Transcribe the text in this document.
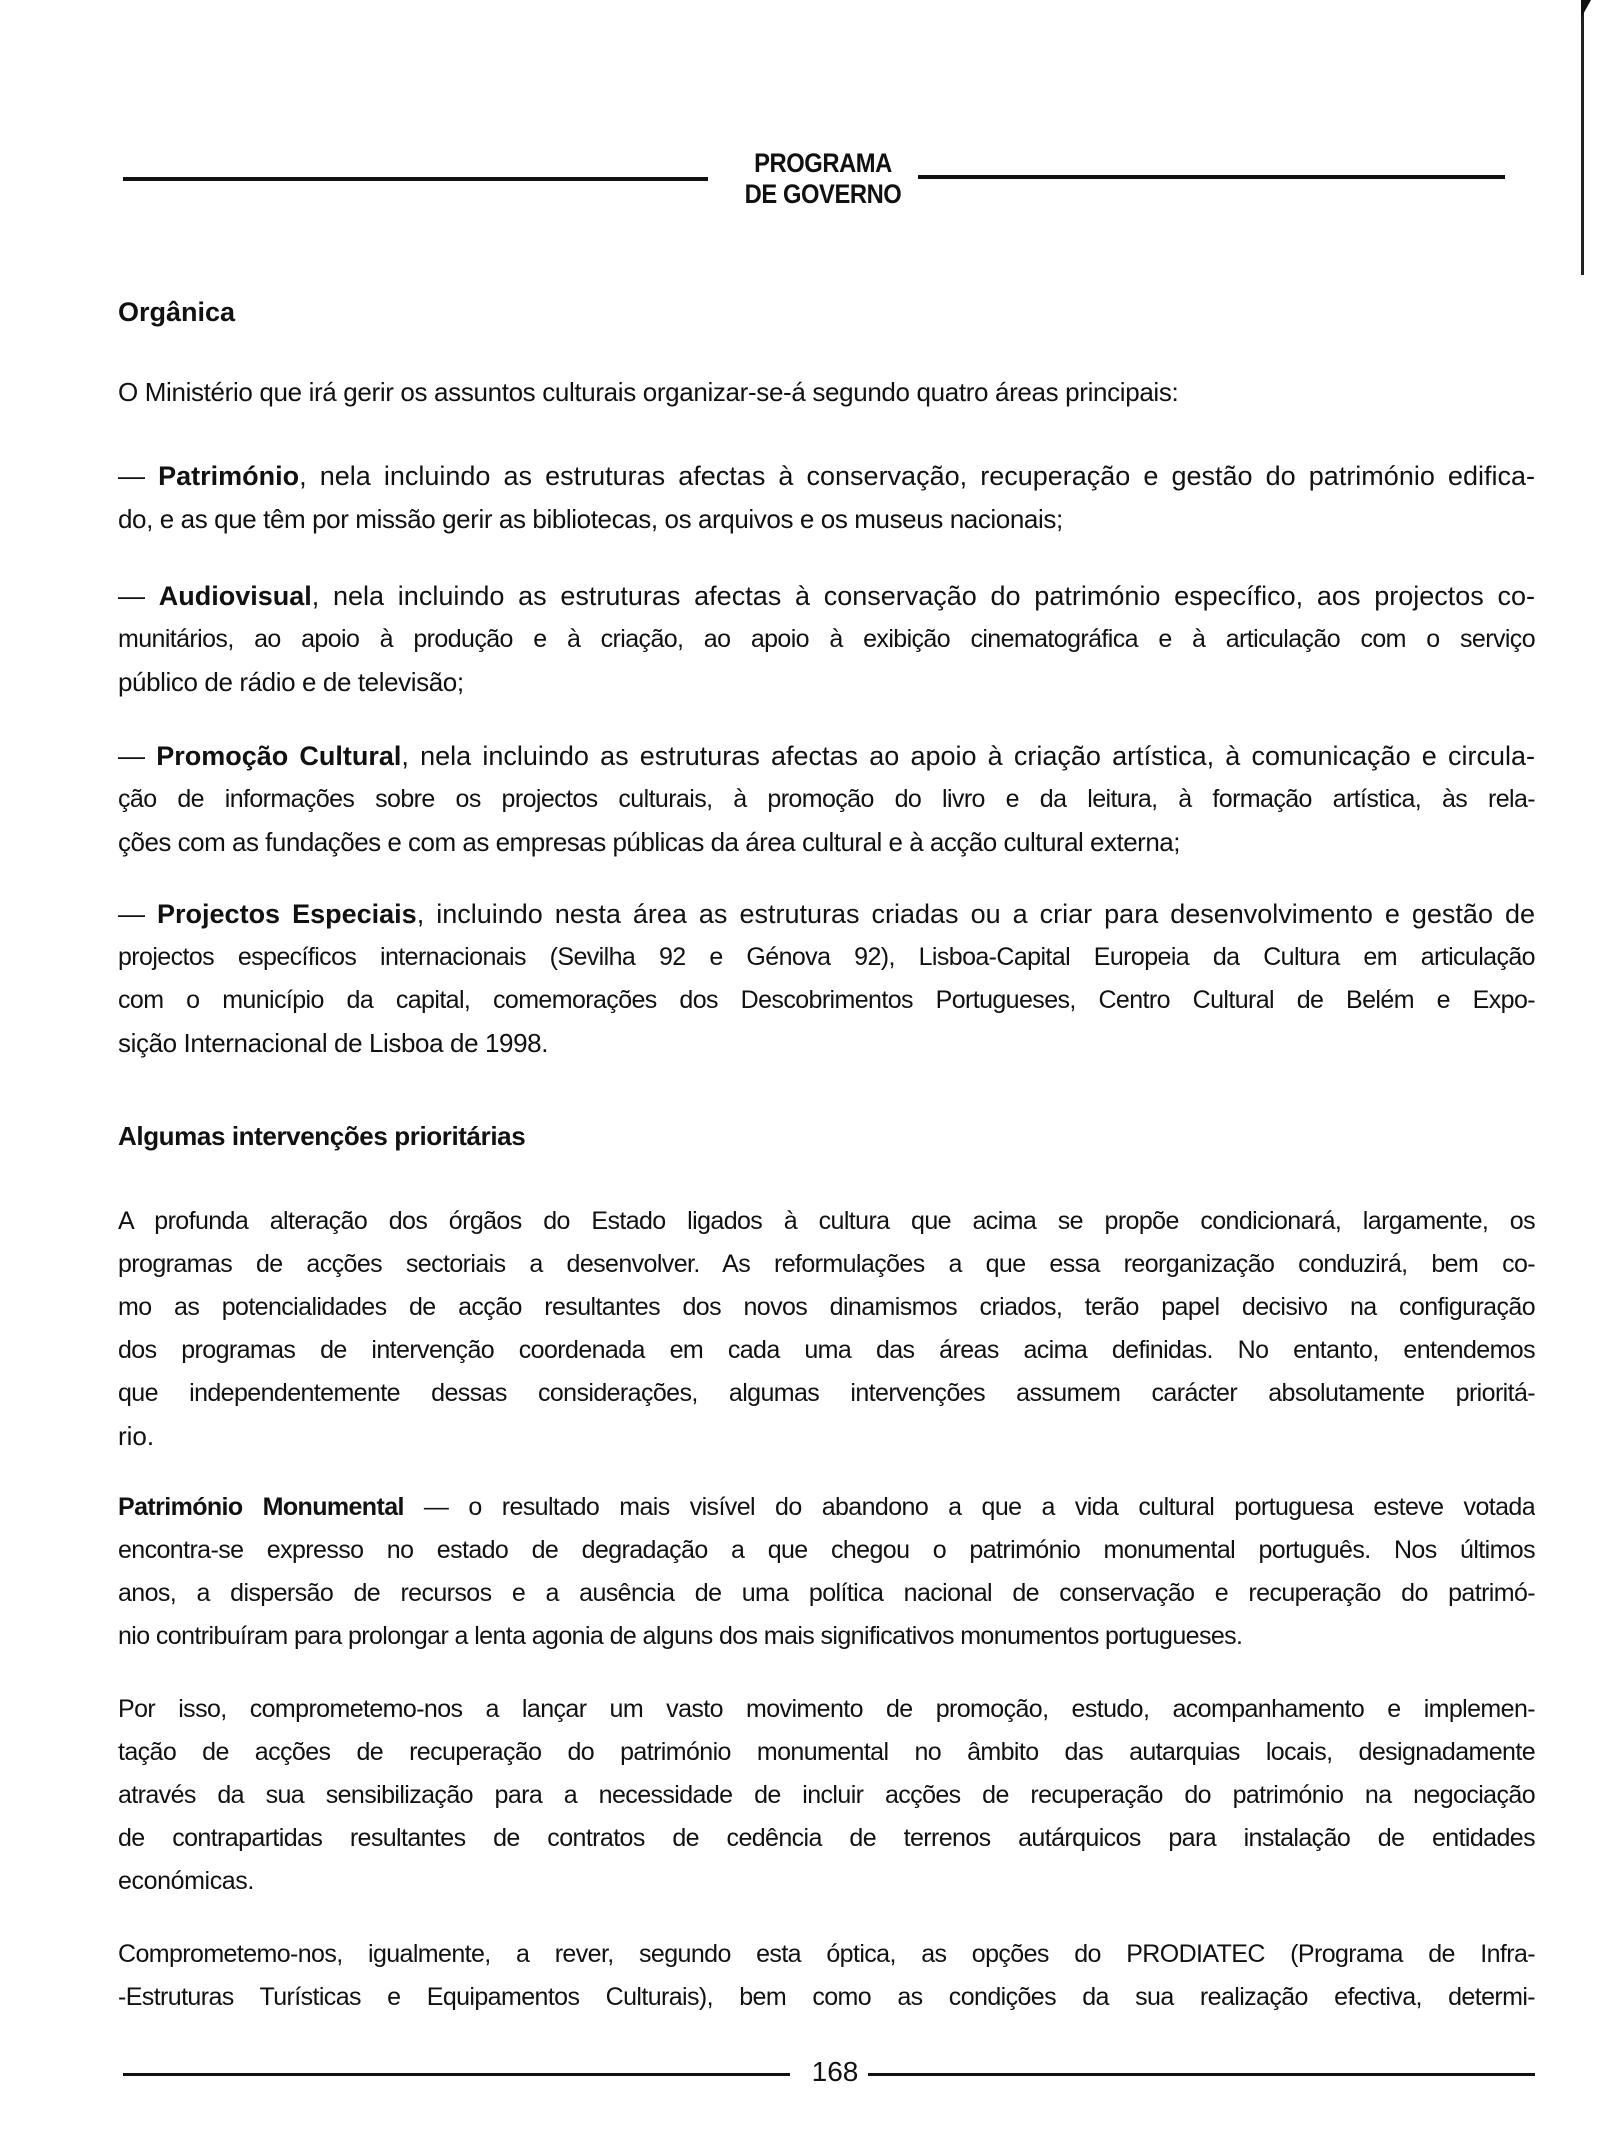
PROGRAMA
DE GOVERNO
Orgânica
O Ministério que irá gerir os assuntos culturais organizar-se-á segundo quatro áreas principais:
— Património, nela incluindo as estruturas afectas à conservação, recuperação e gestão do património edifica-
do, e as que têm por missão gerir as bibliotecas, os arquivos e os museus nacionais;
— Audiovisual, nela incluindo as estruturas afectas à conservação do património específico, aos projectos co-
munitários, ao apoio à produção e à criação, ao apoio à exibição cinematográfica e à articulação com o serviço
público de rádio e de televisão;
— Promoção Cultural, nela incluindo as estruturas afectas ao apoio à criação artística, à comunicação e circula-
ção de informações sobre os projectos culturais, à promoção do livro e da leitura, à formação artística, às rela-
ções com as fundações e com as empresas públicas da área cultural e à acção cultural externa;
— Projectos Especiais, incluindo nesta área as estruturas criadas ou a criar para desenvolvimento e gestão de
projectos específicos internacionais (Sevilha 92 e Génova 92), Lisboa-Capital Europeia da Cultura em articulação
com o município da capital, comemorações dos Descobrimentos Portugueses, Centro Cultural de Belém e Expo-
sição Internacional de Lisboa de 1998.
Algumas intervenções prioritárias
A profunda alteração dos órgãos do Estado ligados à cultura que acima se propõe condicionará, largamente, os
programas de acções sectoriais a desenvolver. As reformulações a que essa reorganização conduzirá, bem co-
mo as potencialidades de acção resultantes dos novos dinamismos criados, terão papel decisivo na configuração
dos programas de intervenção coordenada em cada uma das áreas acima definidas. No entanto, entendemos
que independentemente dessas considerações, algumas intervenções assumem carácter absolutamente prioritá-
rio.
Património Monumental — o resultado mais visível do abandono a que a vida cultural portuguesa esteve votada
encontra-se expresso no estado de degradação a que chegou o património monumental português. Nos últimos
anos, a dispersão de recursos e a ausência de uma política nacional de conservação e recuperação do patrimó-
nio contribuíram para prolongar a lenta agonia de alguns dos mais significativos monumentos portugueses.
Por isso, comprometemo-nos a lançar um vasto movimento de promoção, estudo, acompanhamento e implemen-
tação de acções de recuperação do património monumental no âmbito das autarquias locais, designadamente
através da sua sensibilização para a necessidade de incluir acções de recuperação do património na negociação
de contrapartidas resultantes de contratos de cedência de terrenos autárquicos para instalação de entidades
económicas.
Comprometemo-nos, igualmente, a rever, segundo esta óptica, as opções do PRODIATEC (Programa de Infra-
-Estruturas Turísticas e Equipamentos Culturais), bem como as condições da sua realização efectiva, determi-
168
